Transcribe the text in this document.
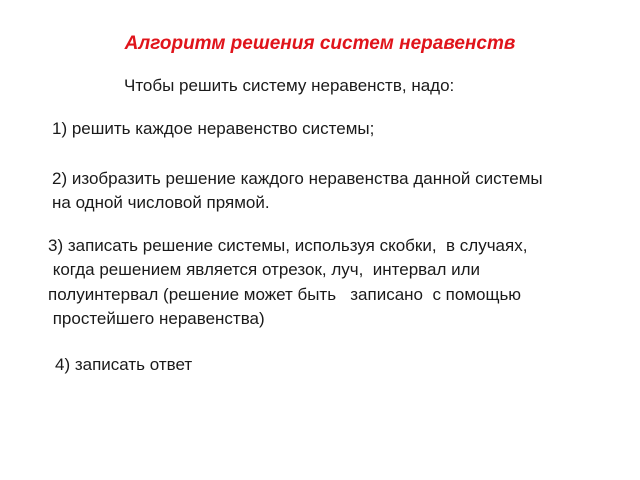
Алгоритм решения систем неравенств
Чтобы решить систему неравенств, надо:
1) решить каждое неравенство системы;
2) изобразить решение каждого неравенства данной системы
на одной числовой прямой.
3) записать решение системы, используя скобки,  в случаях,
когда решением является отрезок, луч,  интервал или
полуинтервал (решение может быть   записано  с помощью
простейшего неравенства)
4) записать ответ
